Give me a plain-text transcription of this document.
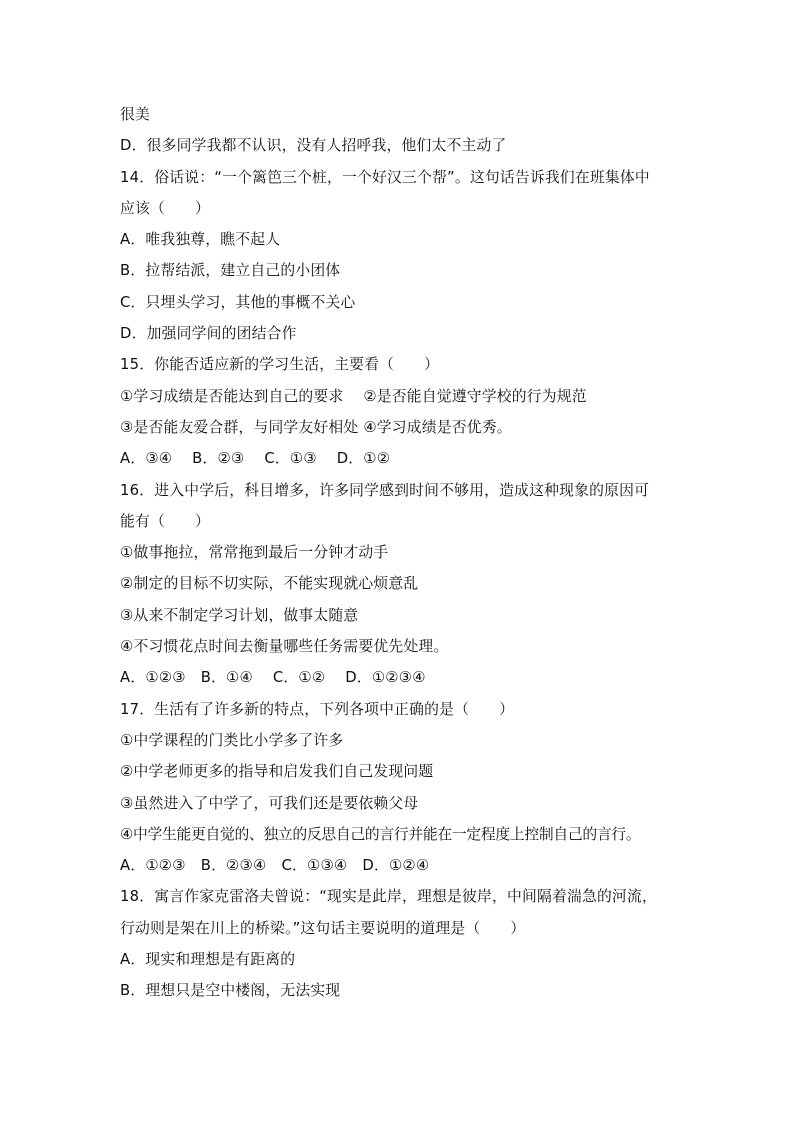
很美
D．很多同学我都不认识，没有人招呼我，他们太不主动了
14．俗话说：“一个篱笆三个桩，一个好汉三个帮”。这句话告诉我们在班集体中
应该（　　）
A．唯我独尊，瞧不起人
B．拉帮结派，建立自己的小团体
C．只埋头学习，其他的事概不关心
D．加强同学间的团结合作
15．你能否适应新的学习生活，主要看（　　）
①学习成绩是否能达到自己的要求　 ②是否能自觉遵守学校的行为规范
③是否能友爱合群，与同学友好相处 ④学习成绩是否优秀。
A．③④　 B．②③　 C．①③　 D．①②
16．进入中学后，科目增多，许多同学感到时间不够用，造成这种现象的原因可
能有（　　）
①做事拖拉，常常拖到最后一分钟才动手
②制定的目标不切实际，不能实现就心烦意乱
③从来不制定学习计划，做事太随意
④不习惯花点时间去衡量哪些任务需要优先处理。
A．①②③　B．①④　 C．①②　 D．①②③④
17．生活有了许多新的特点，下列各项中正确的是（　　）
①中学课程的门类比小学多了许多
②中学老师更多的指导和启发我们自己发现问题
③虽然进入了中学了，可我们还是要依赖父母
④中学生能更自觉的、独立的反思自己的言行并能在一定程度上控制自己的言行。
A．①②③　B．②③④　C．①③④　D．①②④
18．寓言作家克雷洛夫曾说：“现实是此岸，理想是彼岸，中间隔着湍急的河流，
行动则是架在川上的桥梁。”这句话主要说明的道理是（　　）
A．现实和理想是有距离的
B．理想只是空中楼阁，无法实现
